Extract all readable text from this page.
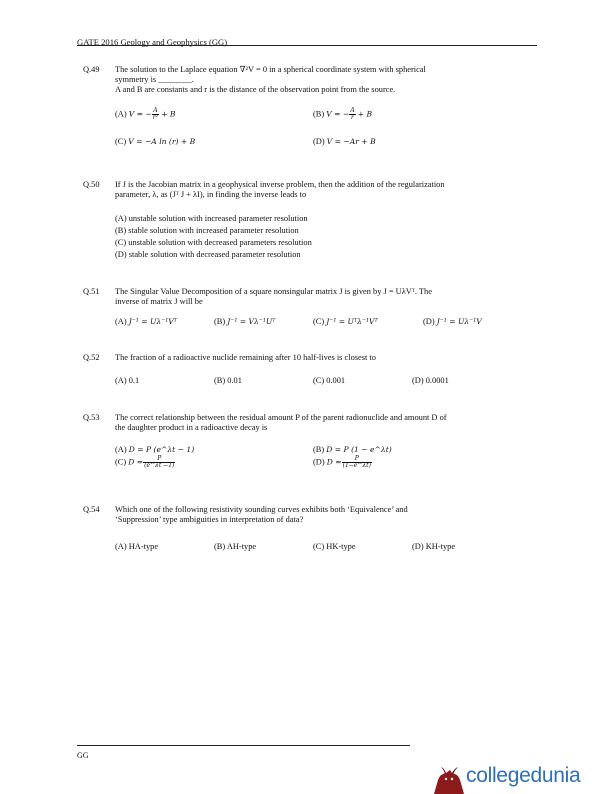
GATE 2016 Geology and Geophysics (GG)
Q.49 The solution to the Laplace equation ∇²V = 0 in a spherical coordinate system with spherical
symmetry is ________.
A and B are constants and r is the distance of the observation point from the source.
(A) V = − $\frac{A}{\text{r²}} + B$	(B) V = − $\frac{A}{r} + B$
(C) V = −A ln (r) + B	(D) V = −Ar + B
Q.50 If J is the Jacobian matrix in a geophysical inverse problem, then the addition of the regularization
parameter, λ, as (Jᵀ J + λI), in finding the inverse leads to
(A) unstable solution with increased parameter resolution
(B) stable solution with increased parameter resolution
(C) unstable solution with decreased parameters resolution
(D) stable solution with decreased parameter resolution
Q.51 The Singular Value Decomposition of a square nonsingular matrix J is given by J = UλVᵀ. The
inverse of matrix J will be
(A) J⁻¹ = Uλ⁻¹Vᵀ	(B) J⁻¹ = Vλ⁻¹Uᵀ	(C) J⁻¹ = Uᵀλ⁻¹Vᵀ	(D) J⁻¹ = Uλ⁻¹V
Q.52 The fraction of a radioactive nuclide remaining after 10 half-lives is closest to
(A) 0.1	(B) 0.01	(C) 0.001	(D) 0.0001
Q.53 The correct relationship between the residual amount P of the parent radionuclide and amount D of
the daughter product in a radioactive decay is
(A) D = P (e^λt − 1)	(B) D = P (1 − e^λt)
(C) $D = \frac{P}{(e\^{}\lambda t -1)}$	(D) $D = \frac{P}{(1-e\^{}\lambda t)}$
Q.54 Which one of the following resistivity sounding curves exhibits both ‘Equivalence’ and
‘Suppression’ type ambiguities in interpretation of data?
(A) HA-type	(B) AH-type	(C) HK-type	(D) KH-type
GG
collegedunia
